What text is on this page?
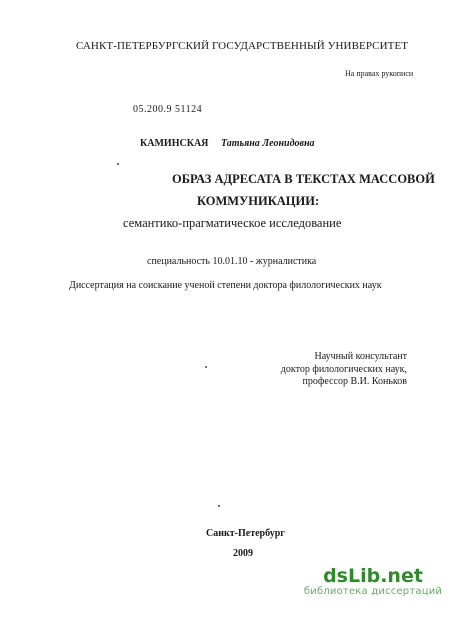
САНКТ-ПЕТЕРБУРГСКИЙ ГОСУДАРСТВЕННЫЙ УНИВЕРСИТЕТ
На правах рукописи
05.200.9 51124
КАМИНСКАЯ Татьяна Леонидовна
ОБРАЗ АДРЕСАТА В ТЕКСТАХ МАССОВОЙ
КОММУНИКАЦИИ:
семантико-прагматическое исследование
специальность 10.01.10 - журналистика
Диссертация на соискание ученой степени доктора филологических наук
Научный консультант
доктор филологических наук,
профессор В.И. Коньков
Санкт-Петербург
2009
dsLib.net
библиотека диссертаций
